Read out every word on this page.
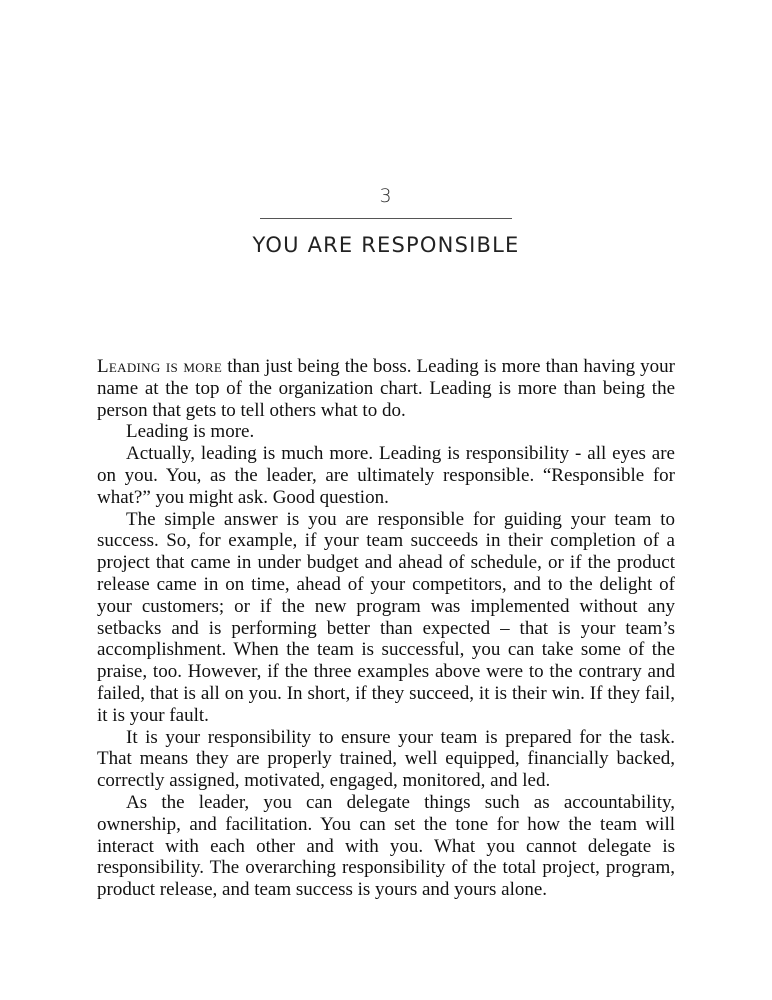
3
YOU ARE RESPONSIBLE

Leading is more than just being the boss. Leading is more than having your name at the top of the organization chart. Leading is more than being the person that gets to tell others what to do.

Leading is more.

Actually, leading is much more. Leading is responsibility - all eyes are on you. You, as the leader, are ultimately responsible. “Responsible for what?” you might ask. Good question.

The simple answer is you are responsible for guiding your team to success. So, for example, if your team succeeds in their completion of a project that came in under budget and ahead of schedule, or if the product release came in on time, ahead of your competitors, and to the delight of your customers; or if the new program was implemented without any setbacks and is performing better than expected – that is your team’s accomplishment. When the team is successful, you can take some of the praise, too. However, if the three examples above were to the contrary and failed, that is all on you. In short, if they succeed, it is their win. If they fail, it is your fault.

It is your responsibility to ensure your team is prepared for the task. That means they are properly trained, well equipped, financially backed, correctly assigned, motivated, engaged, monitored, and led.

As the leader, you can delegate things such as accountability, ownership, and facilitation. You can set the tone for how the team will interact with each other and with you. What you cannot delegate is responsibility. The overarching responsibility of the total project, program, product release, and team success is yours and yours alone.
